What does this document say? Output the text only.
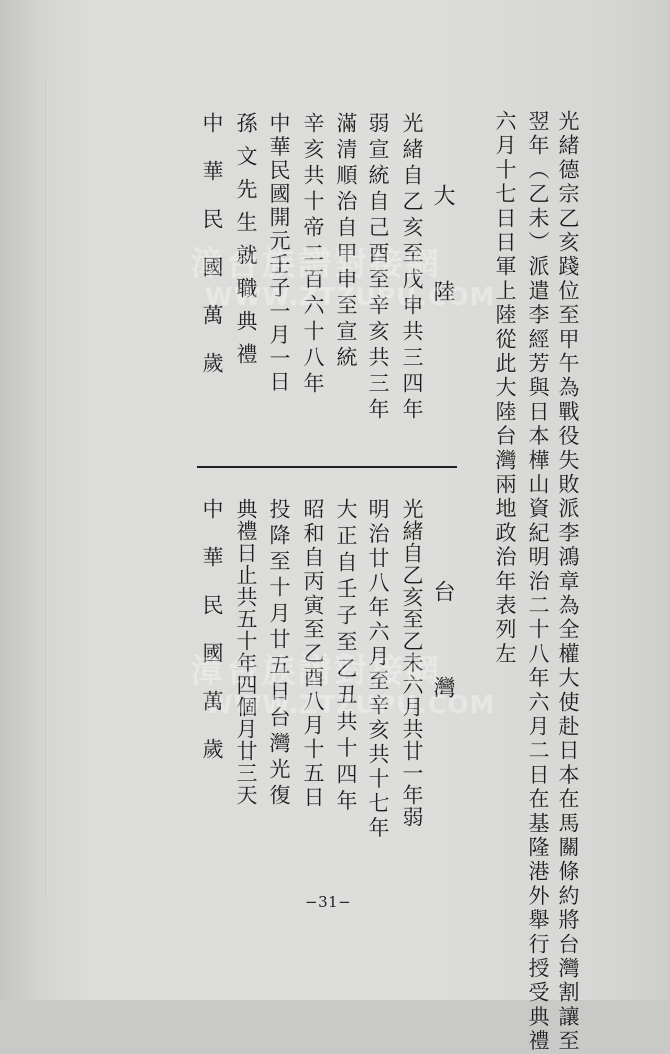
光緒德宗乙亥踐位至甲午為戰役失敗派李鴻章為全權大使赴日本在馬關條約將台灣割讓至
翌年（乙未）派遣李經芳與日本樺山資紀明治二十八年六月二日在基隆港外舉行授受典禮
六月十七日日軍上陸從此大陸台灣兩地政治年表列左
大　　陸
光緒自乙亥至戊申共三四年
弱宣統自己酉至辛亥共三年
滿清順治自甲申至宣統
辛亥共十帝二百六十八年
中華民國開元壬子一月一日
孫文先生就職典禮
中　華　民　國　萬　歲
台　　灣
光緒自乙亥至乙未六月共廿一年弱
明治廿八年六月至辛亥共十七年
大正自壬子至乙丑共十四年
昭和自丙寅至乙酉八月十五日
投降至十月廿五日台灣光復
典禮日止共五十年四個月廿三天
中　華　民　國　萬　歲
−31−
漳台族譜對接網
WWW.ZTZUPU.COM
漳台族譜對接網
WWW.ZTZUPU.COM
